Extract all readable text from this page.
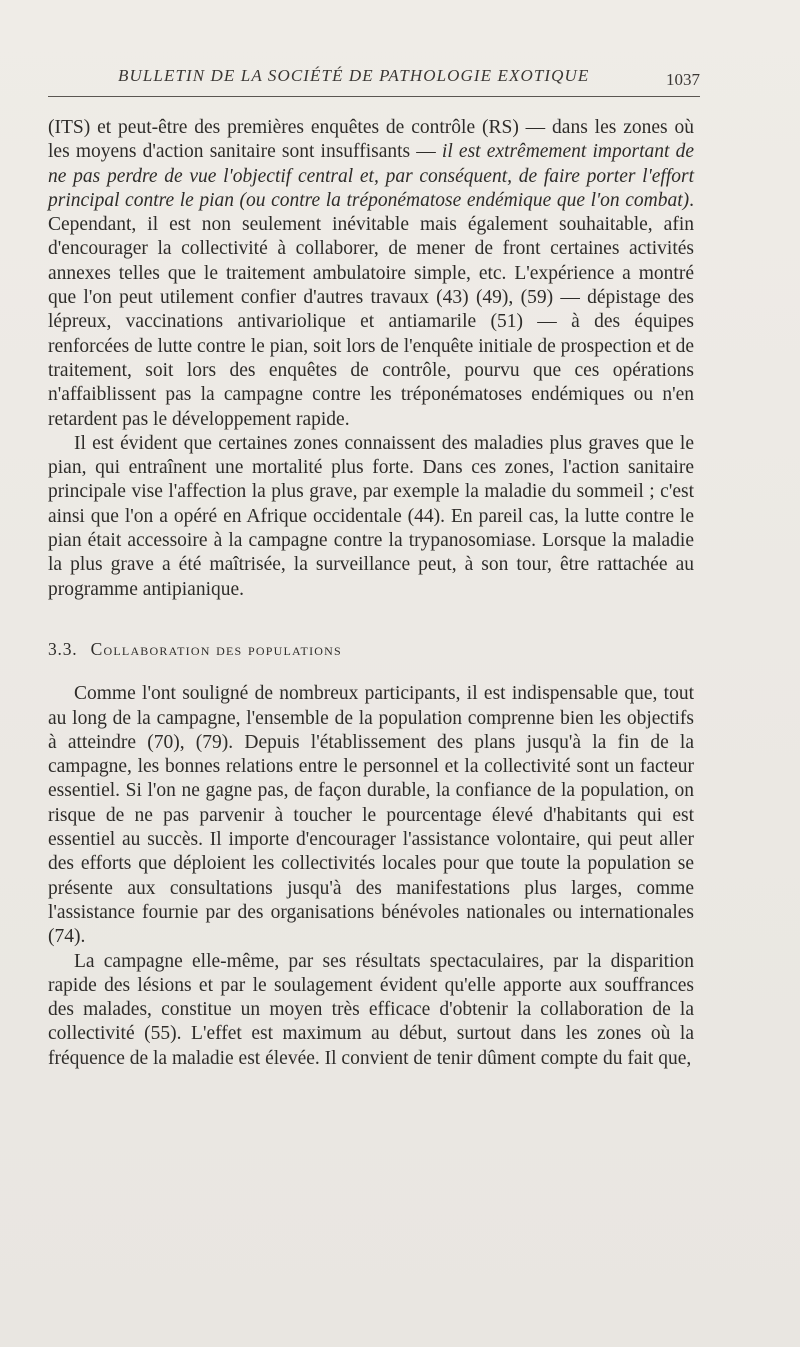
BULLETIN DE LA SOCIÉTÉ DE PATHOLOGIE EXOTIQUE	1037

(ITS) et peut-être des premières enquêtes de contrôle (RS) — dans les zones où les moyens d'action sanitaire sont insuffisants — il est extrêmement important de ne pas perdre de vue l'objectif central et, par conséquent, de faire porter l'effort principal contre le pian (ou contre la tréponématose endémique que l'on combat). Cependant, il est non seulement inévitable mais également souhaitable, afin d'encourager la collectivité à collaborer, de mener de front certaines activités annexes telles que le traitement ambulatoire simple, etc. L'expérience a montré que l'on peut utilement confier d'autres travaux (43) (49), (59) — dépistage des lépreux, vaccinations antivariolique et antiamarile (51) — à des équipes renforcées de lutte contre le pian, soit lors de l'enquête initiale de prospection et de traitement, soit lors des enquêtes de contrôle, pourvu que ces opérations n'affaiblissent pas la campagne contre les tréponématoses endémiques ou n'en retardent pas le développement rapide.

Il est évident que certaines zones connaissent des maladies plus graves que le pian, qui entraînent une mortalité plus forte. Dans ces zones, l'action sanitaire principale vise l'affection la plus grave, par exemple la maladie du sommeil ; c'est ainsi que l'on a opéré en Afrique occidentale (44). En pareil cas, la lutte contre le pian était accessoire à la campagne contre la trypanosomiase. Lorsque la maladie la plus grave a été maîtrisée, la surveillance peut, à son tour, être rattachée au programme antipianique.

3.3. Collaboration des populations

Comme l'ont souligné de nombreux participants, il est indispensable que, tout au long de la campagne, l'ensemble de la population comprenne bien les objectifs à atteindre (70), (79). Depuis l'établissement des plans jusqu'à la fin de la campagne, les bonnes relations entre le personnel et la collectivité sont un facteur essentiel. Si l'on ne gagne pas, de façon durable, la confiance de la population, on risque de ne pas parvenir à toucher le pourcentage élevé d'habitants qui est essentiel au succès. Il importe d'encourager l'assistance volontaire, qui peut aller des efforts que déploient les collectivités locales pour que toute la population se présente aux consultations jusqu'à des manifestations plus larges, comme l'assistance fournie par des organisations bénévoles nationales ou internationales (74).

La campagne elle-même, par ses résultats spectaculaires, par la disparition rapide des lésions et par le soulagement évident qu'elle apporte aux souffrances des malades, constitue un moyen très efficace d'obtenir la collaboration de la collectivité (55). L'effet est maximum au début, surtout dans les zones où la fréquence de la maladie est élevée. Il convient de tenir dûment compte du fait que,
